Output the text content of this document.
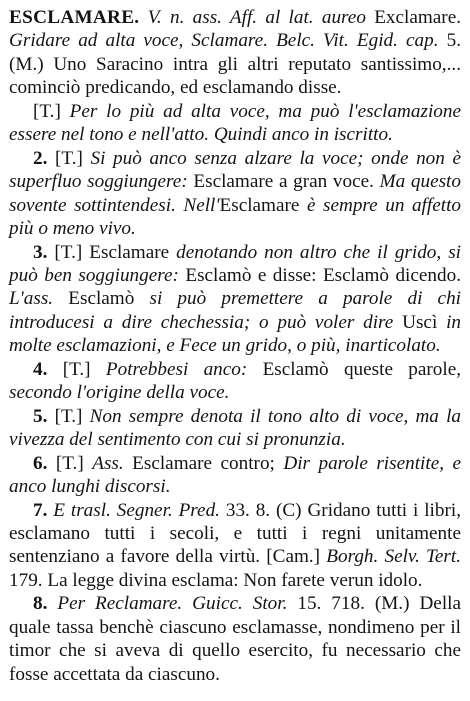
ESCLAMARE. V. n. ass. Aff. al lat. aureo Exclamare. Gridare ad alta voce, Sclamare. Belc. Vit. Egid. cap. 5. (M.) Uno Saracino intra gli altri reputato santissimo,... cominciò predicando, ed esclamando disse.

[T.] Per lo più ad alta voce, ma può l'esclamazione essere nel tono e nell'atto. Quindi anco in iscritto.

2. [T.] Si può anco senza alzare la voce; onde non è superfluo soggiungere: Esclamare a gran voce. Ma questo sovente sottintendesi. Nell'Esclamare è sempre un affetto più o meno vivo.

3. [T.] Esclamare denotando non altro che il grido, si può ben soggiungere: Esclamò e disse: Esclamò dicendo. L'ass. Esclamò si può premettere a parole di chi introducesi a dire chechessia; o può voler dire Uscì in molte esclamazioni, e Fece un grido, o più, inarticolato.

4. [T.] Potrebbesi anco: Esclamò queste parole, secondo l'origine della voce.

5. [T.] Non sempre denota il tono alto di voce, ma la vivezza del sentimento con cui si pronunzia.

6. [T.] Ass. Esclamare contro; Dir parole risentite, e anco lunghi discorsi.

7. E trasl. Segner. Pred. 33. 8. (C) Gridano tutti i libri, esclamano tutti i secoli, e tutti i regni unitamente sentenziano a favore della virtù. [Cam.] Borgh. Selv. Tert. 179. La legge divina esclama: Non farete verun idolo.

8. Per Reclamare. Guicc. Stor. 15. 718. (M.) Della quale tassa benchè ciascuno esclamasse, nondimeno per il timor che si aveva di quello esercito, fu necessario che fosse accettata da ciascuno.
